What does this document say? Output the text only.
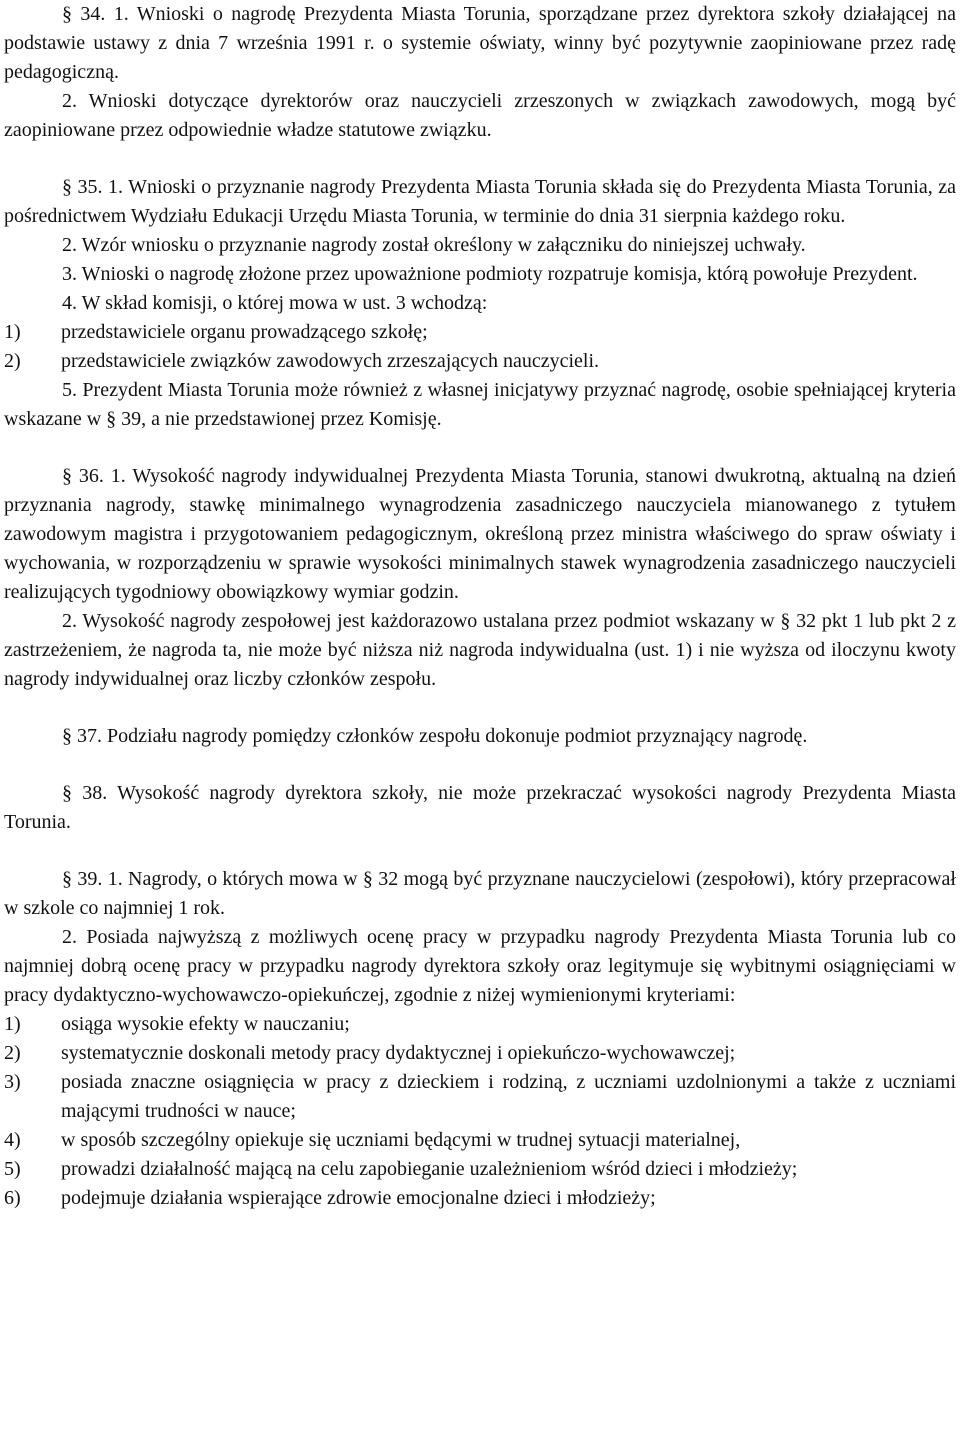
§ 34. 1. Wnioski o nagrodę Prezydenta Miasta Torunia, sporządzane przez dyrektora szkoły działającej na podstawie ustawy z dnia 7 września 1991 r. o systemie oświaty, winny być pozytywnie zaopiniowane przez radę pedagogiczną.

2. Wnioski dotyczące dyrektorów oraz nauczycieli zrzeszonych w związkach zawodowych, mogą być zaopiniowane przez odpowiednie władze statutowe związku.

§ 35. 1. Wnioski o przyznanie nagrody Prezydenta Miasta Torunia składa się do Prezydenta Miasta Torunia, za pośrednictwem Wydziału Edukacji Urzędu Miasta Torunia, w terminie do dnia 31 sierpnia każdego roku.

2. Wzór wniosku o przyznanie nagrody został określony w załączniku do niniejszej uchwały.

3. Wnioski o nagrodę złożone przez upoważnione podmioty rozpatruje komisja, którą powołuje Prezydent.

4. W skład komisji, o której mowa w ust. 3 wchodzą:

1)	przedstawiciele organu prowadzącego szkołę;
2)	przedstawiciele związków zawodowych zrzeszających nauczycieli.

5. Prezydent Miasta Torunia może również z własnej inicjatywy przyznać nagrodę, osobie spełniającej kryteria wskazane w § 39, a nie przedstawionej przez Komisję.

§ 36. 1. Wysokość nagrody indywidualnej Prezydenta Miasta Torunia, stanowi dwukrotną, aktualną na dzień przyznania nagrody, stawkę minimalnego wynagrodzenia zasadniczego nauczyciela mianowanego z tytułem zawodowym magistra i przygotowaniem pedagogicznym, określoną przez ministra właściwego do spraw oświaty i wychowania, w rozporządzeniu w sprawie wysokości minimalnych stawek wynagrodzenia zasadniczego nauczycieli realizujących tygodniowy obowiązkowy wymiar godzin.

2. Wysokość nagrody zespołowej jest każdorazowo ustalana przez podmiot wskazany w § 32 pkt 1 lub pkt 2 z zastrzeżeniem, że nagroda ta, nie może być niższa niż nagroda indywidualna (ust. 1) i nie wyższa od iloczynu kwoty nagrody indywidualnej oraz liczby członków zespołu.

§ 37. Podziału nagrody pomiędzy członków zespołu dokonuje podmiot przyznający nagrodę.

§ 38. Wysokość nagrody dyrektora szkoły, nie może przekraczać wysokości nagrody Prezydenta Miasta Torunia.

§ 39. 1. Nagrody, o których mowa w § 32 mogą być przyznane nauczycielowi (zespołowi), który przepracował w szkole co najmniej 1 rok.

2. Posiada najwyższą z możliwych ocenę pracy w przypadku nagrody Prezydenta Miasta Torunia lub co najmniej dobrą ocenę pracy w przypadku nagrody dyrektora szkoły oraz legitymuje się wybitnymi osiągnięciami w pracy dydaktyczno-wychowawczo-opiekuńczej, zgodnie z niżej wymienionymi kryteriami:

1)	osiąga wysokie efekty w nauczaniu;
2)	systematycznie doskonali metody pracy dydaktycznej i opiekuńczo-wychowawczej;
3)	posiada znaczne osiągnięcia w pracy z dzieckiem i rodziną, z uczniami uzdolnionymi a także z uczniami mającymi trudności w nauce;
4)	w sposób szczególny opiekuje się uczniami będącymi w trudnej sytuacji materialnej,
5)	prowadzi działalność mającą na celu zapobieganie uzależnieniom wśród dzieci i młodzieży;
6)	podejmuje działania wspierające zdrowie emocjonalne dzieci i młodzieży;
